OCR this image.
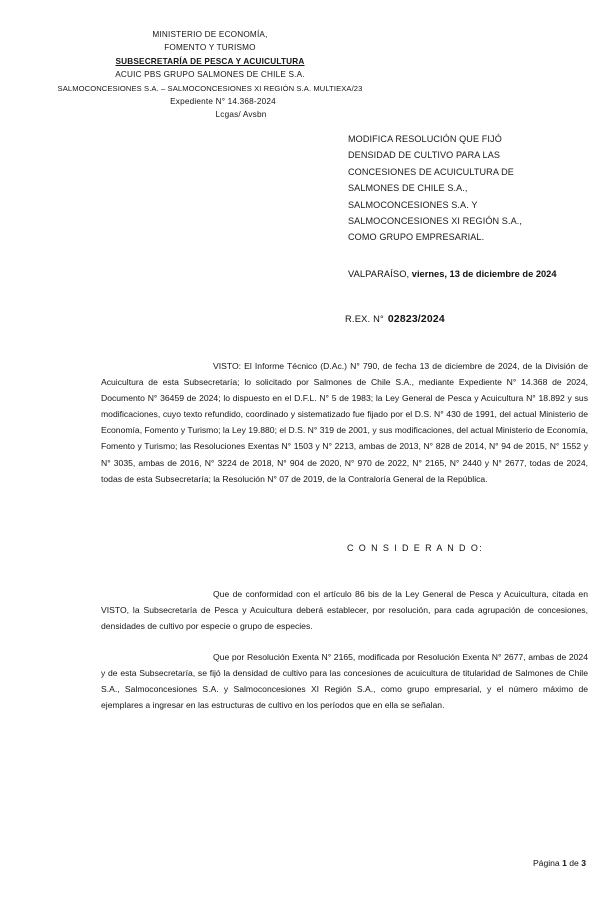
MINISTERIO DE ECONOMÍA,
FOMENTO Y TURISMO
SUBSECRETARÍA DE PESCA Y ACUICULTURA
ACUIC PBS GRUPO SALMONES DE CHILE S.A.
SALMOCONCESIONES S.A. – SALMOCONCESIONES XI REGIÓN S.A. MULTIEXA/23
Expediente N° 14.368-2024
Lcgas/ Avsbn
MODIFICA RESOLUCIÓN QUE FIJÓ
DENSIDAD DE CULTIVO PARA LAS
CONCESIONES DE ACUICULTURA DE
SALMONES DE CHILE S.A.,
SALMOCONCESIONES S.A. Y
SALMOCONCESIONES XI REGIÓN S.A.,
COMO GRUPO EMPRESARIAL.
VALPARAÍSO, viernes, 13 de diciembre de 2024
R.EX. N° 02823/2024

VISTO: El Informe Técnico (D.Ac.) N° 790, de fecha 13 de diciembre de 2024, de la División de Acuicultura de esta Subsecretaría; lo solicitado por Salmones de Chile S.A., mediante Expediente N° 14.368 de 2024, Documento N° 36459 de 2024; lo dispuesto en el D.F.L. N° 5 de 1983; la Ley General de Pesca y Acuicultura N° 18.892 y sus modificaciones, cuyo texto refundido, coordinado y sistematizado fue fijado por el D.S. N° 430 de 1991, del actual Ministerio de Economía, Fomento y Turismo; la Ley 19.880; el D.S. N° 319 de 2001, y sus modificaciones, del actual Ministerio de Economía, Fomento y Turismo; las Resoluciones Exentas N° 1503 y N° 2213, ambas de 2013, N° 828 de 2014, N° 94 de 2015, N° 1552 y N° 3035, ambas de 2016, N° 3224 de 2018, N° 904 de 2020, N° 970 de 2022, N° 2165, N° 2440 y N° 2677, todas de 2024, todas de esta Subsecretaría; la Resolución N° 07 de 2019, de la Contraloría General de la República.

C O N S I D E R A N D O:

Que de conformidad con el artículo 86 bis de la Ley General de Pesca y Acuicultura, citada en VISTO, la Subsecretaría de Pesca y Acuicultura deberá establecer, por resolución, para cada agrupación de concesiones, densidades de cultivo por especie o grupo de especies.

Que por Resolución Exenta N° 2165, modificada por Resolución Exenta N° 2677, ambas de 2024 y de esta Subsecretaría, se fijó la densidad de cultivo para las concesiones de acuicultura de titularidad de Salmones de Chile S.A., Salmoconcesiones S.A. y Salmoconcesiones XI Región S.A., como grupo empresarial, y el número máximo de ejemplares a ingresar en las estructuras de cultivo en los períodos que en ella se señalan.

Página 1 de 3
